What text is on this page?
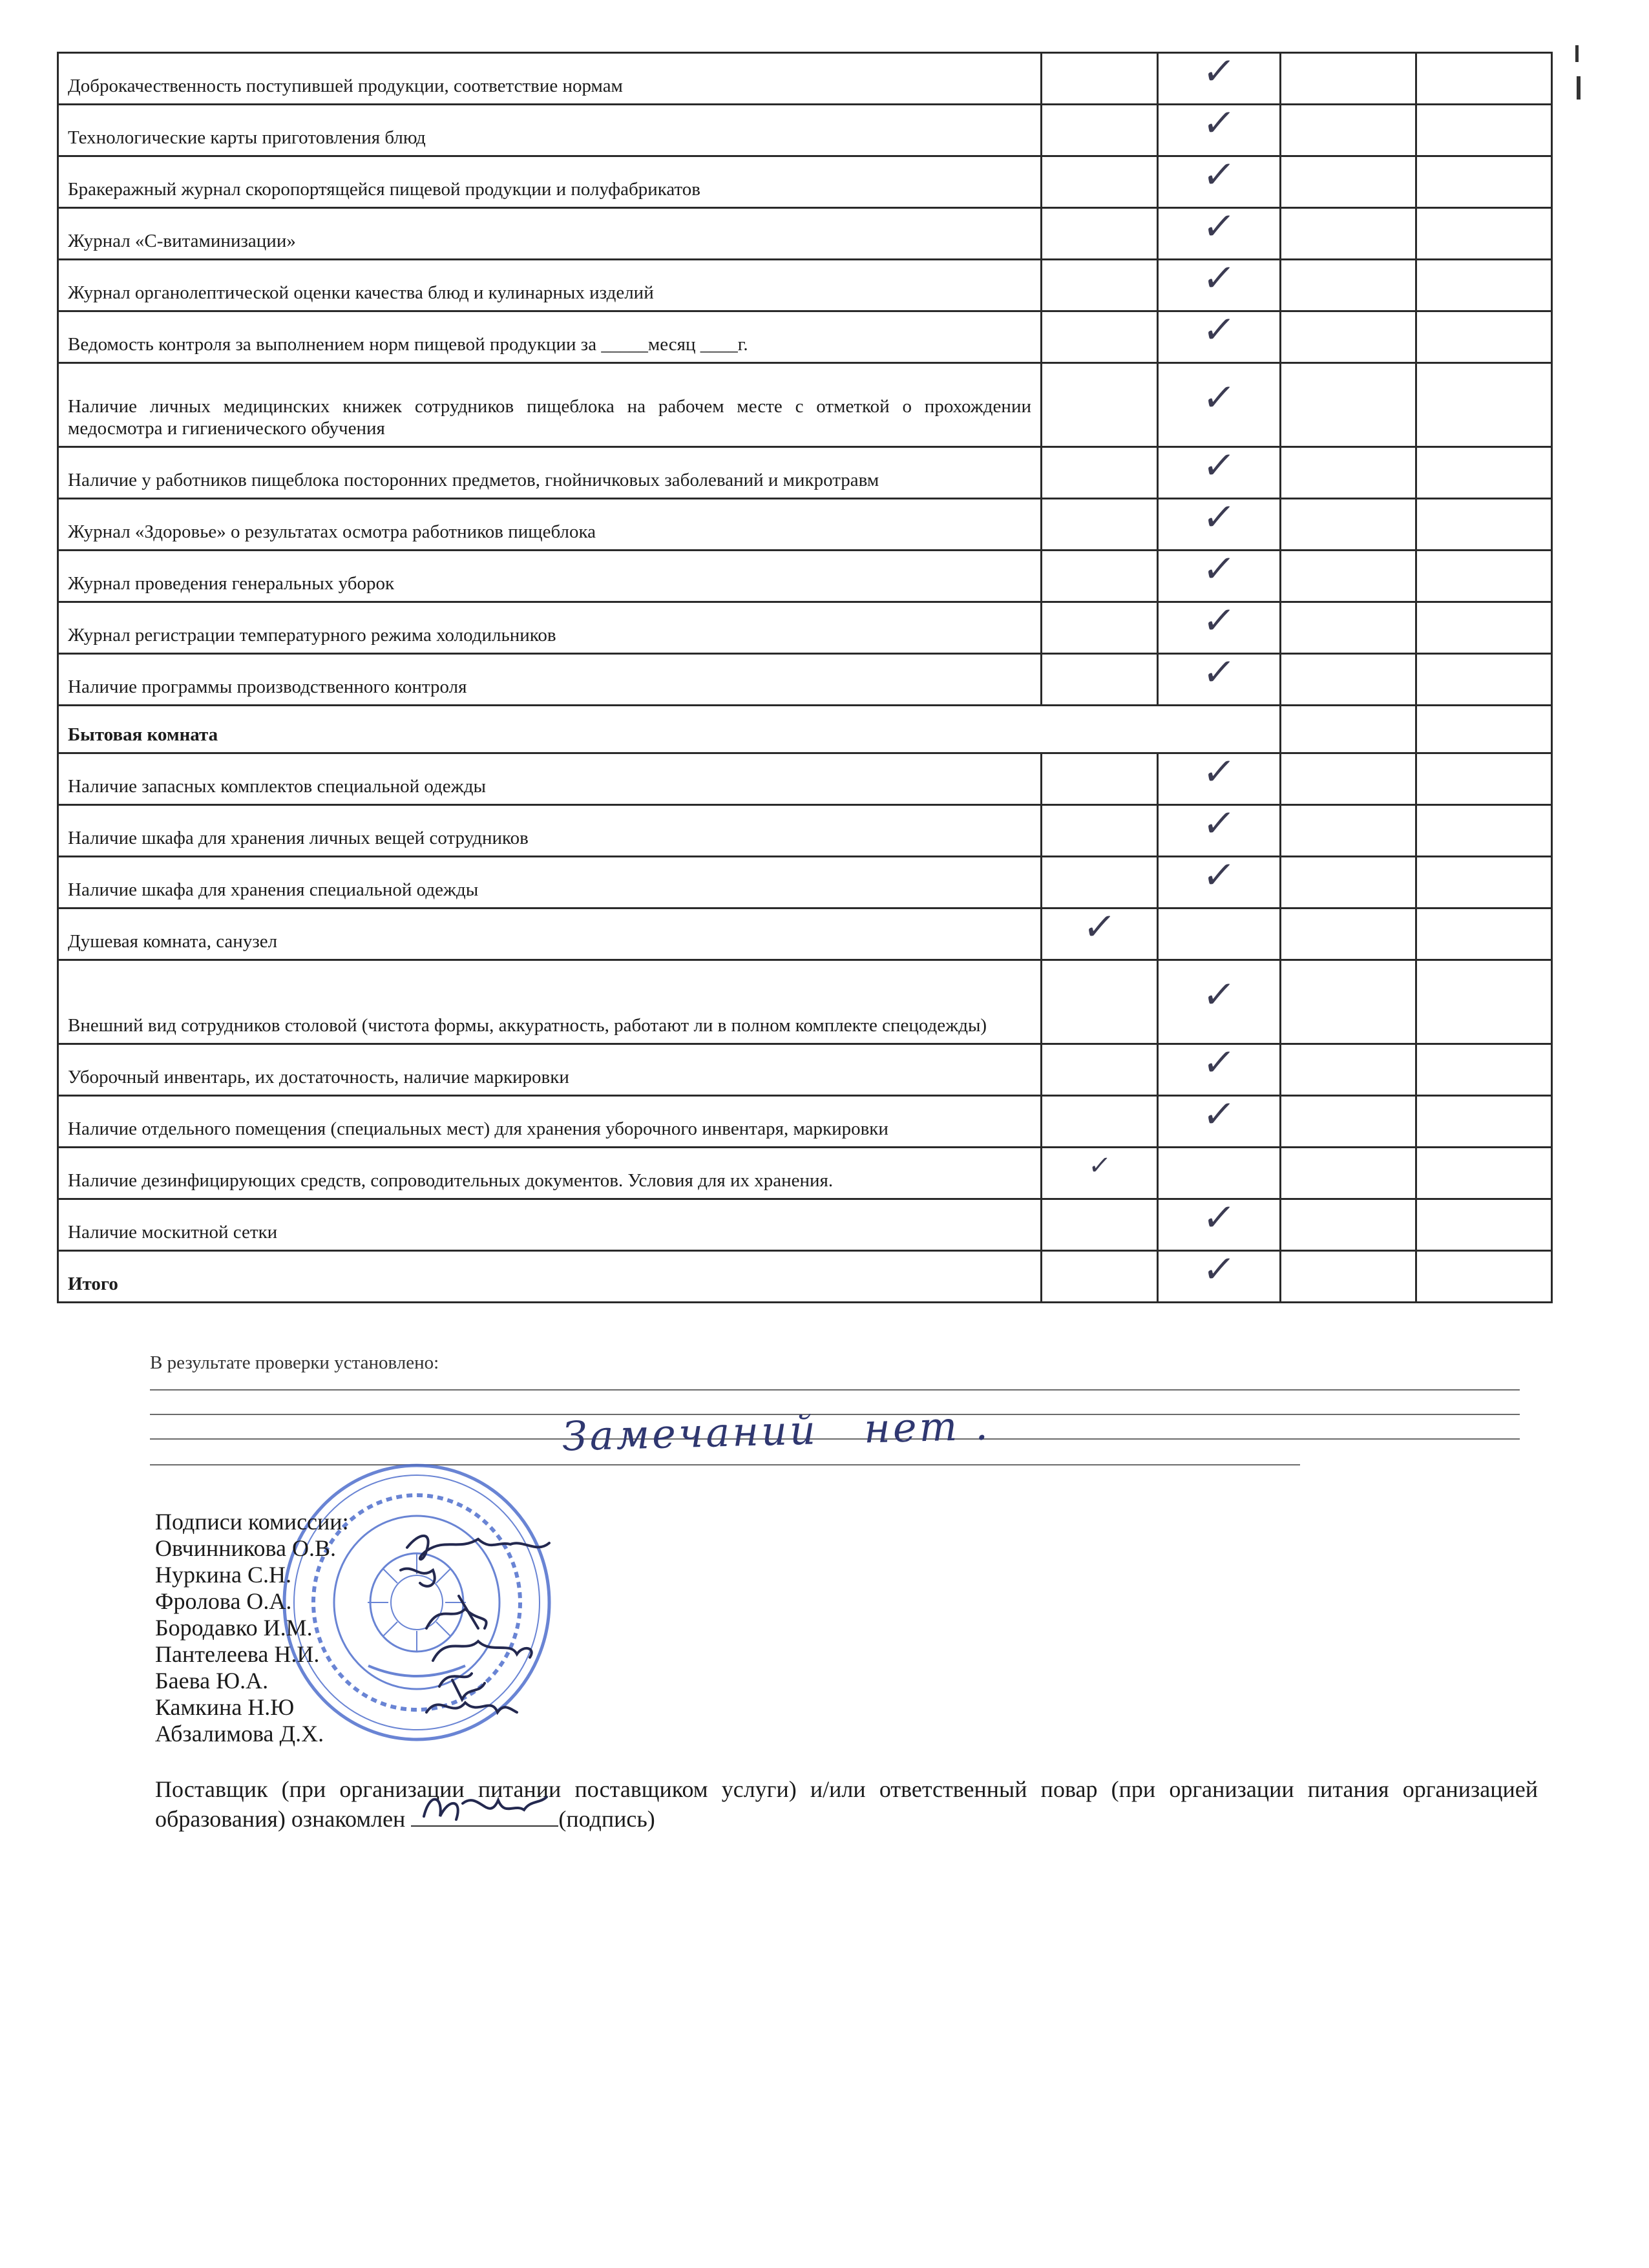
Доброкачественность поступившей продукции, соответствие нормам		✓		
Технологические карты приготовления блюд		✓		
Бракеражный журнал скоропортящейся пищевой продукции и полуфабрикатов		✓		
Журнал «С-витаминизации»		✓		
Журнал органолептической оценки качества блюд и кулинарных изделий		✓		
Ведомость контроля за выполнением норм пищевой продукции за _____месяц ____г.		✓		
Наличие личных медицинских книжек сотрудников пищеблока на рабочем месте с отметкой о прохождении медосмотра и гигиенического обучения		✓		
Наличие у работников пищеблока посторонних предметов, гнойничковых заболеваний и микротравм		✓		
Журнал «Здоровье» о результатах осмотра работников пищеблока		✓		
Журнал проведения генеральных уборок		✓		
Журнал регистрации температурного режима холодильников		✓		
Наличие программы производственного контроля		✓		
Бытовая комната				
Наличие запасных комплектов специальной одежды		✓		
Наличие шкафа для хранения личных вещей сотрудников		✓		
Наличие шкафа для хранения специальной одежды		✓		
Душевая комната, санузел	✓			
Внешний вид сотрудников столовой (чистота формы, аккуратность, работают ли в полном комплекте спецодежды)		✓		
Уборочный инвентарь, их достаточность, наличие маркировки		✓		
Наличие отдельного помещения (специальных мест) для хранения уборочного инвентаря, маркировки		✓		
Наличие дезинфицирующих средств, сопроводительных документов. Условия для их хранения.	✓			
Наличие москитной сетки		✓		
Итого		✓		
В результате проверки установлено:
Замечаний   нет .
Подписи комиссии:
Овчинникова О.В.
Нуркина С.Н.
Фролова О.А.
Бородавко И.М.
Пантелеева Н.И.
Баева Ю.А.
Камкина Н.Ю
Абзалимова Д.Х.
Поставщик (при организации питании поставщиком услуги) и/или ответственный повар (при организации питания организацией образования) ознакомлен	(подпись)
